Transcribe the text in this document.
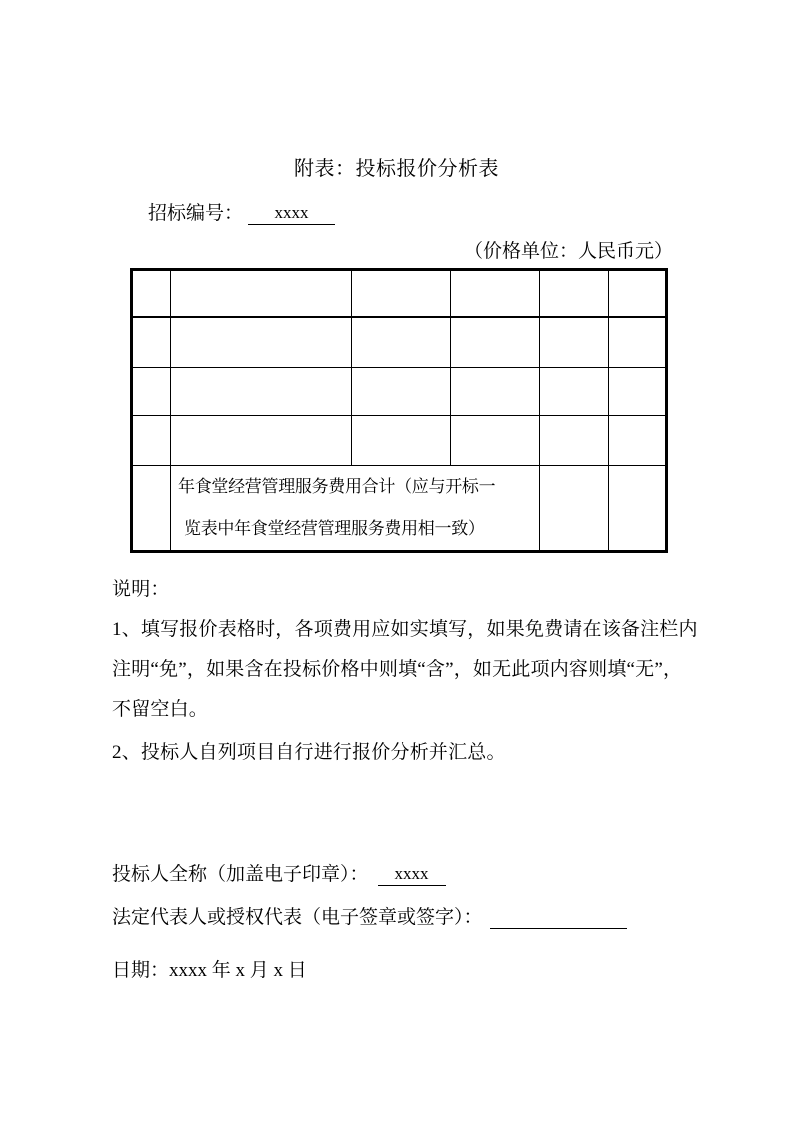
附表：投标报价分析表
招标编号： xxxx
（价格单位：人民币元）

	年食堂经营管理服务费用合计（应与开标一
览表中年食堂经营管理服务费用相一致）				

说明：
1、填写报价表格时，各项费用应如实填写，如果免费请在该备注栏内
注明“免”，如果含在投标价格中则填“含”，如无此项内容则填“无”，
不留空白。
2、投标人自列项目自行进行报价分析并汇总。
投标人全称（加盖电子印章）： xxxx
法定代表人或授权代表（电子签章或签字）：
日期：xxxx 年 x 月 x 日
